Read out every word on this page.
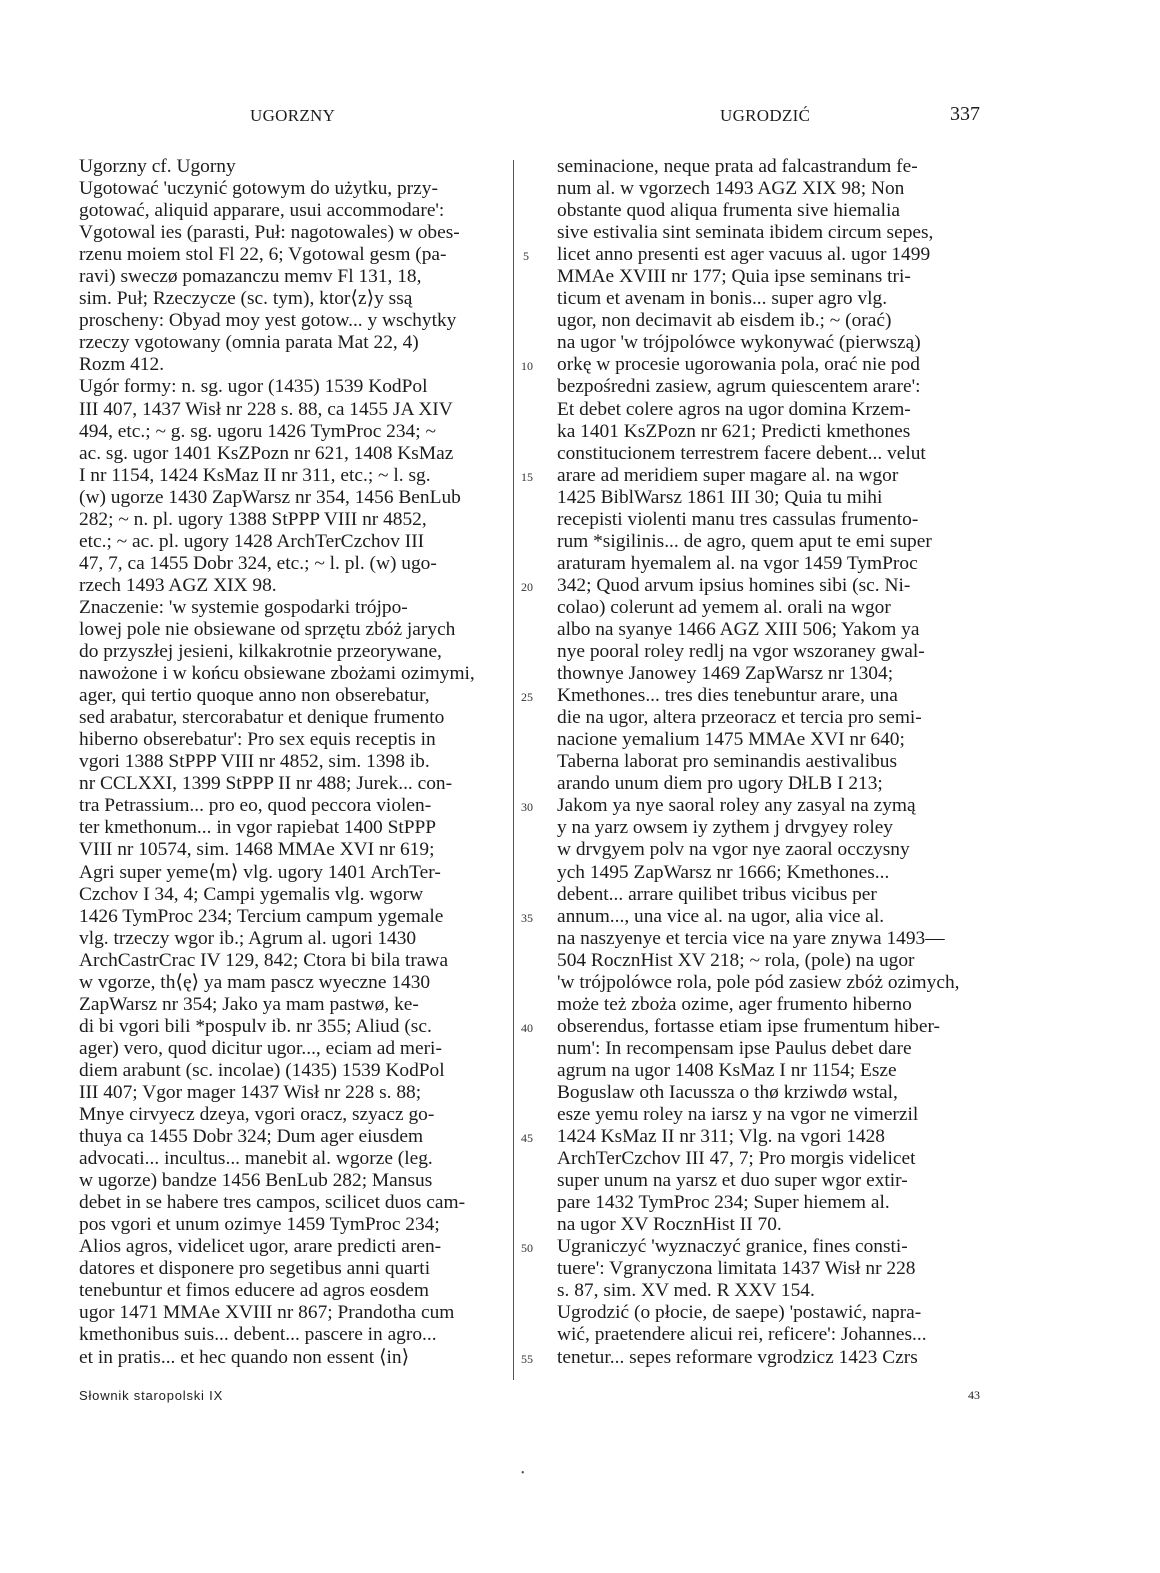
UGORZNY	UGRODZIĆ	337
Ugorzny cf. Ugorny
Ugotować 'uczynić gotowym do użytku, przy-
gotować, aliquid apparare, usui accommodare':
Vgotowal ies (parasti, Puł: nagotowales) w obes-
rzenu moiem stol Fl 22, 6; Vgotowal gesm (pa-
ravi) sweczø pomazanczu memv Fl 131, 18,
sim. Puł; Rzeczycze (sc. tym), ktor⟨z⟩y ssą
proscheny: Obyad moy yest gotow... y wschytky
rzeczy vgotowany (omnia parata Mat 22, 4)
Rozm 412.
Ugór formy: n. sg. ugor (1435) 1539 KodPol
III 407, 1437 Wisł nr 228 s. 88, ca 1455 JA XIV
494, etc.; ~ g. sg. ugoru 1426 TymProc 234; ~
ac. sg. ugor 1401 KsZPozn nr 621, 1408 KsMaz
I nr 1154, 1424 KsMaz II nr 311, etc.; ~ l. sg.
(w) ugorze 1430 ZapWarsz nr 354, 1456 BenLub
282; ~ n. pl. ugory 1388 StPPP VIII nr 4852,
etc.; ~ ac. pl. ugory 1428 ArchTerCzchov III
47, 7, ca 1455 Dobr 324, etc.; ~ l. pl. (w) ugo-
rzech 1493 AGZ XIX 98.
Znaczenie: 'w systemie gospodarki trójpo-
lowej pole nie obsiewane od sprzętu zbóż jarych
do przyszłej jesieni, kilkakrotnie przeorywane,
nawożone i w końcu obsiewane zbożami ozimymi,
ager, qui tertio quoque anno non obserebatur,
sed arabatur, stercorabatur et denique frumento
hiberno obserebatur': Pro sex equis receptis in
vgori 1388 StPPP VIII nr 4852, sim. 1398 ib.
nr CCLXXI, 1399 StPPP II nr 488; Jurek... con-
tra Petrassium... pro eo, quod peccora violen-
ter kmethonum... in vgor rapiebat 1400 StPPP
VIII nr 10574, sim. 1468 MMAe XVI nr 619;
Agri super yeme⟨m⟩ vlg. ugory 1401 ArchTer-
Czchov I 34, 4; Campi ygemalis vlg. wgorw
1426 TymProc 234; Tercium campum ygemale
vlg. trzeczy wgor ib.; Agrum al. ugori 1430
ArchCastrCrac IV 129, 842; Ctora bi bila trawa
w vgorze, th⟨ę⟩ ya mam pascz wyeczne 1430
ZapWarsz nr 354; Jako ya mam pastwø, ke-
di bi vgori bili *pospulv ib. nr 355; Aliud (sc.
ager) vero, quod dicitur ugor..., eciam ad meri-
diem arabunt (sc. incolae) (1435) 1539 KodPol
III 407; Vgor mager 1437 Wisł nr 228 s. 88;
Mnye cirvyecz dzeya, vgori oracz, szyacz go-
thuya ca 1455 Dobr 324; Dum ager eiusdem
advocati... incultus... manebit al. wgorze (leg.
w ugorze) bandze 1456 BenLub 282; Mansus
debet in se habere tres campos, scilicet duos cam-
pos vgori et unum ozimye 1459 TymProc 234;
Alios agros, videlicet ugor, arare predicti aren-
datores et disponere pro segetibus anni quarti
tenebuntur et fimos educere ad agros eosdem
ugor 1471 MMAe XVIII nr 867; Prandotha cum
kmethonibus suis... debent... pascere in agro...
et in pratis... et hec quando non essent ⟨in⟩
5
10
15
20
25
30
35
40
45
50
55
seminacione, neque prata ad falcastrandum fe-
num al. w vgorzech 1493 AGZ XIX 98; Non
obstante quod aliqua frumenta sive hiemalia
sive estivalia sint seminata ibidem circum sepes,
licet anno presenti est ager vacuus al. ugor 1499
MMAe XVIII nr 177; Quia ipse seminans tri-
ticum et avenam in bonis... super agro vlg.
ugor, non decimavit ab eisdem ib.; ~ (orać)
na ugor 'w trójpolówce wykonywać (pierwszą)
orkę w procesie ugorowania pola, orać nie pod
bezpośredni zasiew, agrum quiescentem arare':
Et debet colere agros na ugor domina Krzem-
ka 1401 KsZPozn nr 621; Predicti kmethones
constitucionem terrestrem facere debent... velut
arare ad meridiem super magare al. na wgor
1425 BiblWarsz 1861 III 30; Quia tu mihi
recepisti violenti manu tres cassulas frumento-
rum *sigilinis... de agro, quem aput te emi super
araturam hyemalem al. na vgor 1459 TymProc
342; Quod arvum ipsius homines sibi (sc. Ni-
colao) colerunt ad yemem al. orali na wgor
albo na syanye 1466 AGZ XIII 506; Yakom ya
nye pooral roley redlj na vgor wszoraney gwal-
thownye Janowey 1469 ZapWarsz nr 1304;
Kmethones... tres dies tenebuntur arare, una
die na ugor, altera przeoracz et tercia pro semi-
nacione yemalium 1475 MMAe XVI nr 640;
Taberna laborat pro seminandis aestivalibus
arando unum diem pro ugory DłLB I 213;
Jakom ya nye saoral roley any zasyal na zymą
y na yarz owsem iy zythem j drvgyey roley
w drvgyem polv na vgor nye zaoral occzysny
ych 1495 ZapWarsz nr 1666; Kmethones...
debent... arrare quilibet tribus vicibus per
annum..., una vice al. na ugor, alia vice al.
na naszyenye et tercia vice na yare znywa 1493—
504 RocznHist XV 218; ~ rola, (pole) na ugor
'w trójpolówce rola, pole pód zasiew zbóż ozimych,
może też zboża ozime, ager frumento hiberno
obserendus, fortasse etiam ipse frumentum hiber-
num': In recompensam ipse Paulus debet dare
agrum na ugor 1408 KsMaz I nr 1154; Esze
Boguslaw oth Iacussza o thø krziwdø wstal,
esze yemu roley na iarsz y na vgor ne vimerzil
1424 KsMaz II nr 311; Vlg. na vgori 1428
ArchTerCzchov III 47, 7; Pro morgis videlicet
super unum na yarsz et duo super wgor extir-
pare 1432 TymProc 234; Super hiemem al.
na ugor XV RocznHist II 70.
Ugraniczyć 'wyznaczyć granice, fines consti-
tuere': Vgranyczona limitata 1437 Wisł nr 228
s. 87, sim. XV med. R XXV 154.
Ugrodzić (o płocie, de saepe) 'postawić, napra-
wić, praetendere alicui rei, reficere': Johannes...
tenetur... sepes reformare vgrodzicz 1423 Czrs
Słownik staropolski IX	43
•
